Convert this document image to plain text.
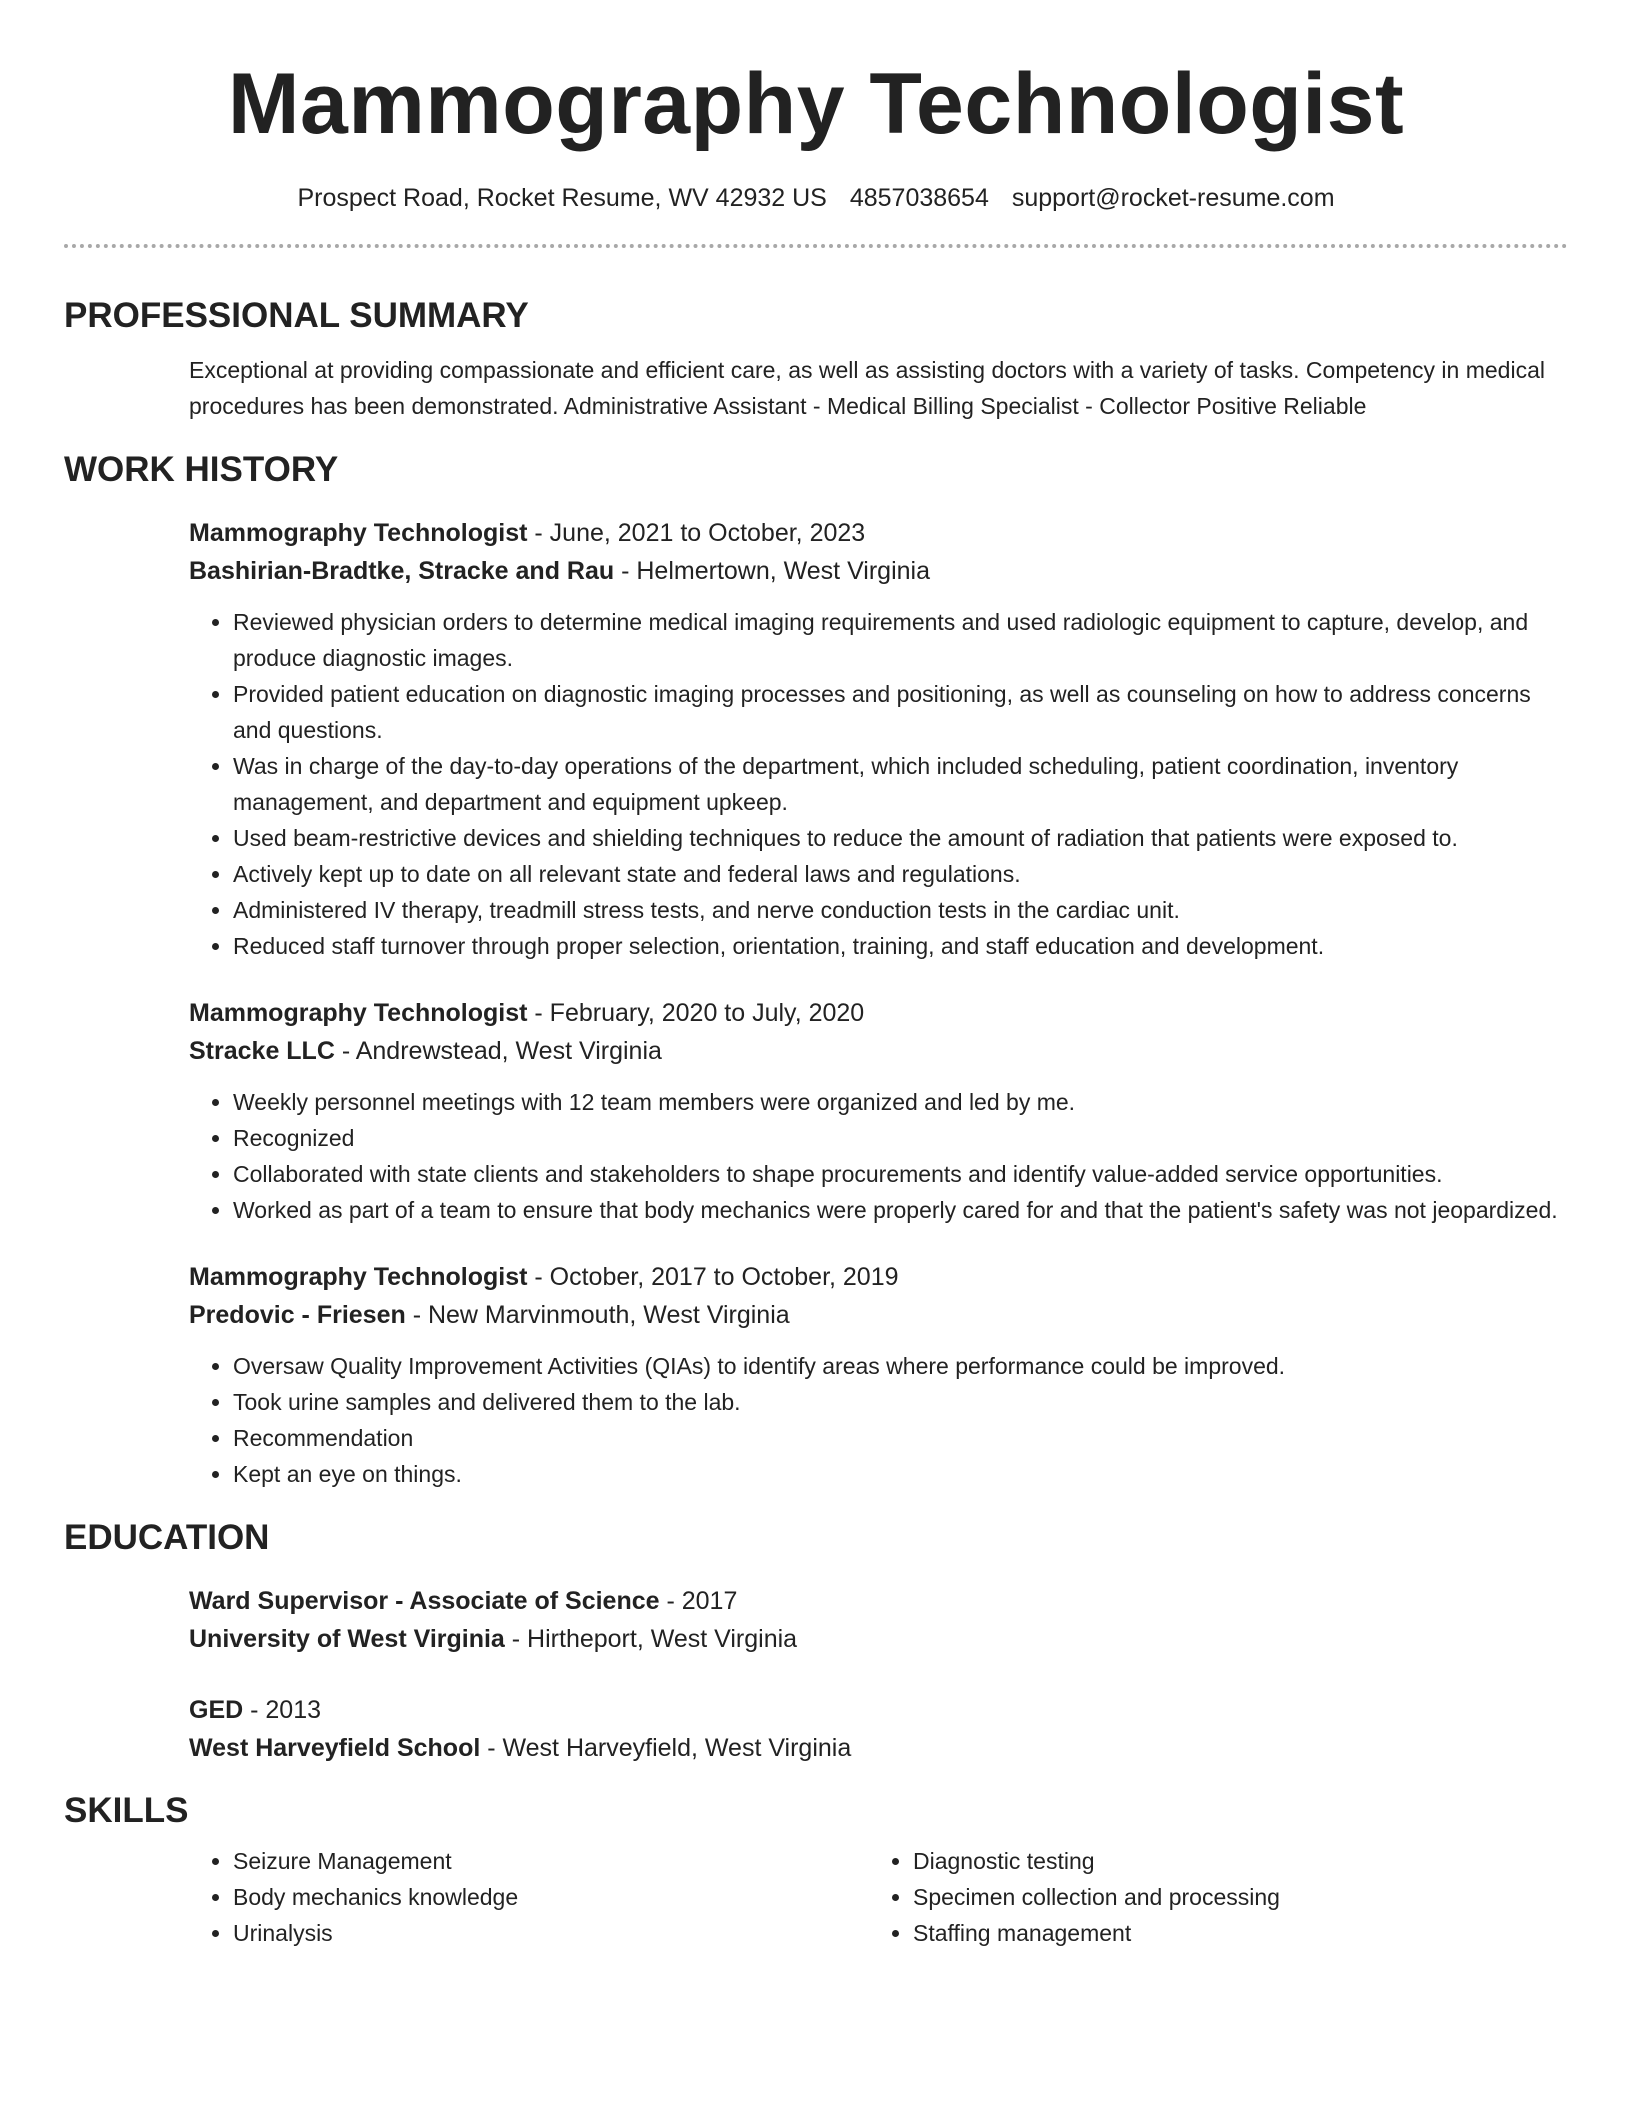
Mammography Technologist
Prospect Road, Rocket Resume, WV 42932 US 4857038654 support@rocket-resume.com
PROFESSIONAL SUMMARY
Exceptional at providing compassionate and efficient care, as well as assisting doctors with a variety of tasks. Competency in medical procedures has been demonstrated. Administrative Assistant - Medical Billing Specialist - Collector Positive Reliable
WORK HISTORY
Mammography Technologist - June, 2021 to October, 2023
Bashirian-Bradtke, Stracke and Rau - Helmertown, West Virginia
• Reviewed physician orders to determine medical imaging requirements and used radiologic equipment to capture, develop, and produce diagnostic images.
• Provided patient education on diagnostic imaging processes and positioning, as well as counseling on how to address concerns and questions.
• Was in charge of the day-to-day operations of the department, which included scheduling, patient coordination, inventory management, and department and equipment upkeep.
• Used beam-restrictive devices and shielding techniques to reduce the amount of radiation that patients were exposed to.
• Actively kept up to date on all relevant state and federal laws and regulations.
• Administered IV therapy, treadmill stress tests, and nerve conduction tests in the cardiac unit.
• Reduced staff turnover through proper selection, orientation, training, and staff education and development.
Mammography Technologist - February, 2020 to July, 2020
Stracke LLC - Andrewstead, West Virginia
• Weekly personnel meetings with 12 team members were organized and led by me.
• Recognized
• Collaborated with state clients and stakeholders to shape procurements and identify value-added service opportunities.
• Worked as part of a team to ensure that body mechanics were properly cared for and that the patient's safety was not jeopardized.
Mammography Technologist - October, 2017 to October, 2019
Predovic - Friesen - New Marvinmouth, West Virginia
• Oversaw Quality Improvement Activities (QIAs) to identify areas where performance could be improved.
• Took urine samples and delivered them to the lab.
• Recommendation
• Kept an eye on things.
EDUCATION
Ward Supervisor - Associate of Science - 2017
University of West Virginia - Hirtheport, West Virginia
GED - 2013
West Harveyfield School - West Harveyfield, West Virginia
SKILLS
• Seizure Management
• Body mechanics knowledge
• Urinalysis
• Diagnostic testing
• Specimen collection and processing
• Staffing management
